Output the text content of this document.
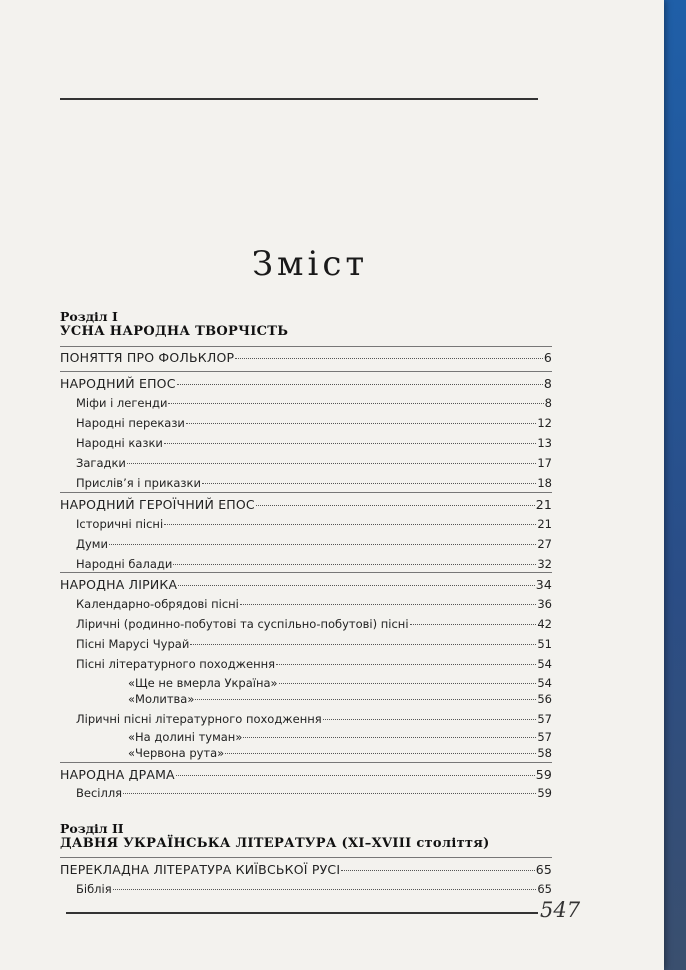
Зміст
Розділ I
УСНА НАРОДНА ТВОРЧІСТЬ
Розділ II
ДАВНЯ УКРАЇНСЬКА ЛІТЕРАТУРА (XI–XVIII століття)
ПОНЯТТЯ ПРО ФОЛЬКЛОР	6
НАРОДНИЙ ЕПОС	8
Міфи і легенди	8
Народні перекази	12
Народні казки	13
Загадки	17
Прислів’я і приказки	18
НАРОДНИЙ ГЕРОЇЧНИЙ ЕПОС	21
Історичні пісні	21
Думи	27
Народні балади	32
НАРОДНА ЛІРИКА	34
Календарно-обрядові пісні	36
Ліричні (родинно-побутові та суспільно-побутові) пісні	42
Пісні Марусі Чурай	51
Пісні літературного походження	54
«Ще не вмерла Україна»	54
«Молитва»	56
Ліричні пісні літературного походження	57
«На долині туман»	57
«Червона рута»	58
НАРОДНА ДРАМА	59
Весілля	59
ПЕРЕКЛАДНА ЛІТЕРАТУРА КИЇВСЬКОЇ РУСІ	65
Біблія	65
547
